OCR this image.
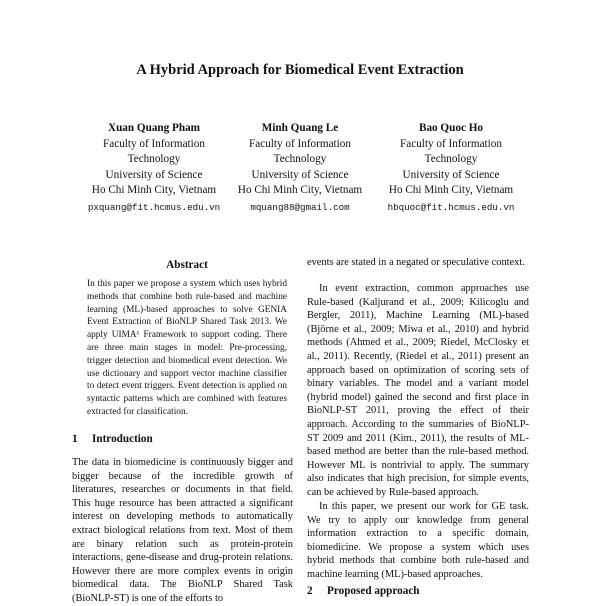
A Hybrid Approach for Biomedical Event Extraction
Xuan Quang Pham
Faculty of Information
Technology
University of Science
Ho Chi Minh City, Vietnam
pxquang@fit.hcmus.edu.vn
Minh Quang Le
Faculty of Information
Technology
University of Science
Ho Chi Minh City, Vietnam
mquang88@gmail.com
Bao Quoc Ho
Faculty of Information
Technology
University of Science
Ho Chi Minh City, Vietnam
hbquoc@fit.hcmus.edu.vn
Abstract
In this paper we propose a system which uses hybrid methods that combine both rule-based and machine learning (ML)-based approaches to solve GENIA Event Extraction of BioNLP Shared Task 2013. We apply UIMA¹ Framework to support coding. There are three main stages in model: Pre-processing, trigger detection and biomedical event detection. We use dictionary and support vector machine classifier to detect event triggers. Event detection is applied on syntactic patterns which are combined with features extracted for classification.
1 Introduction
The data in biomedicine is continuously bigger and bigger because of the incredible growth of literatures, researches or documents in that field. This huge resource has been attracted a significant interest on developing methods to automatically extract biological relations from text. Most of them are binary relation such as protein-protein interactions, gene-disease and drug-protein relations. However there are more complex events in origin biomedical data. The BioNLP Shared Task (BioNLP-ST) is one of the efforts to
events are stated in a negated or speculative context.
In event extraction, common approaches use Rule-based (Kaljurand et al., 2009; Kilicoglu and Bergler, 2011), Machine Learning (ML)-based (Björne et al., 2009; Miwa et al., 2010) and hybrid methods (Ahmed et al., 2009; Riedel, McClosky et al., 2011). Recently, (Riedel et al., 2011) present an approach based on optimization of scoring sets of binary variables. The model and a variant model (hybrid model) gained the second and first place in BioNLP-ST 2011, proving the effect of their approach. According to the summaries of BioNLP-ST 2009 and 2011 (Kim., 2011), the results of ML-based method are better than the rule-based method. However ML is nontrivial to apply. The summary also indicates that high precision, for simple events, can be achieved by Rule-based approach.
In this paper, we present our work for GE task. We try to apply our knowledge from general information extraction to a specific domain, biomedicine. We propose a system which uses hybrid methods that combine both rule-based and machine learning (ML)-based approaches.
2 Proposed approach
